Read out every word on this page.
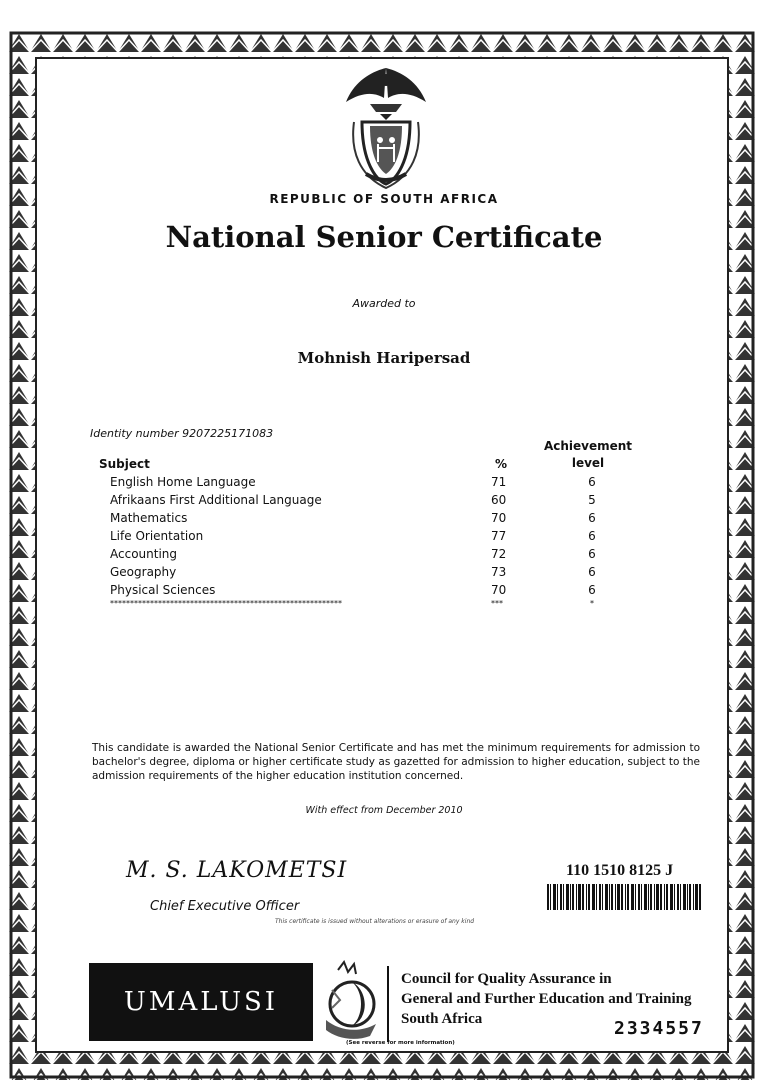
REPUBLIC OF SOUTH AFRICA
National Senior Certificate
Awarded to
Mohnish Haripersad
Identity number 9207225171083
Subject	%
Achievement
level
English Home Language	71	6
Afrikaans First Additional Language	60	5
Mathematics	70	6
Life Orientation	77	6
Accounting	72	6
Geography	73	6
Physical Sciences	70	6
**********************************************************	***	*
This candidate is awarded the National Senior Certificate and has met the minimum requirements for admission to bachelor's degree, diploma or higher certificate study as gazetted for admission to higher education, subject to the admission requirements of the higher education institution concerned.
With effect from December 2010
M. S. LAKOMETSI
Chief Executive Officer
This certificate is issued without alterations or erasure of any kind
110 1510 8125 J
UMALUSI
Council for Quality Assurance in
General and Further Education and Training
South Africa	2334557
(See reverse for more information)
